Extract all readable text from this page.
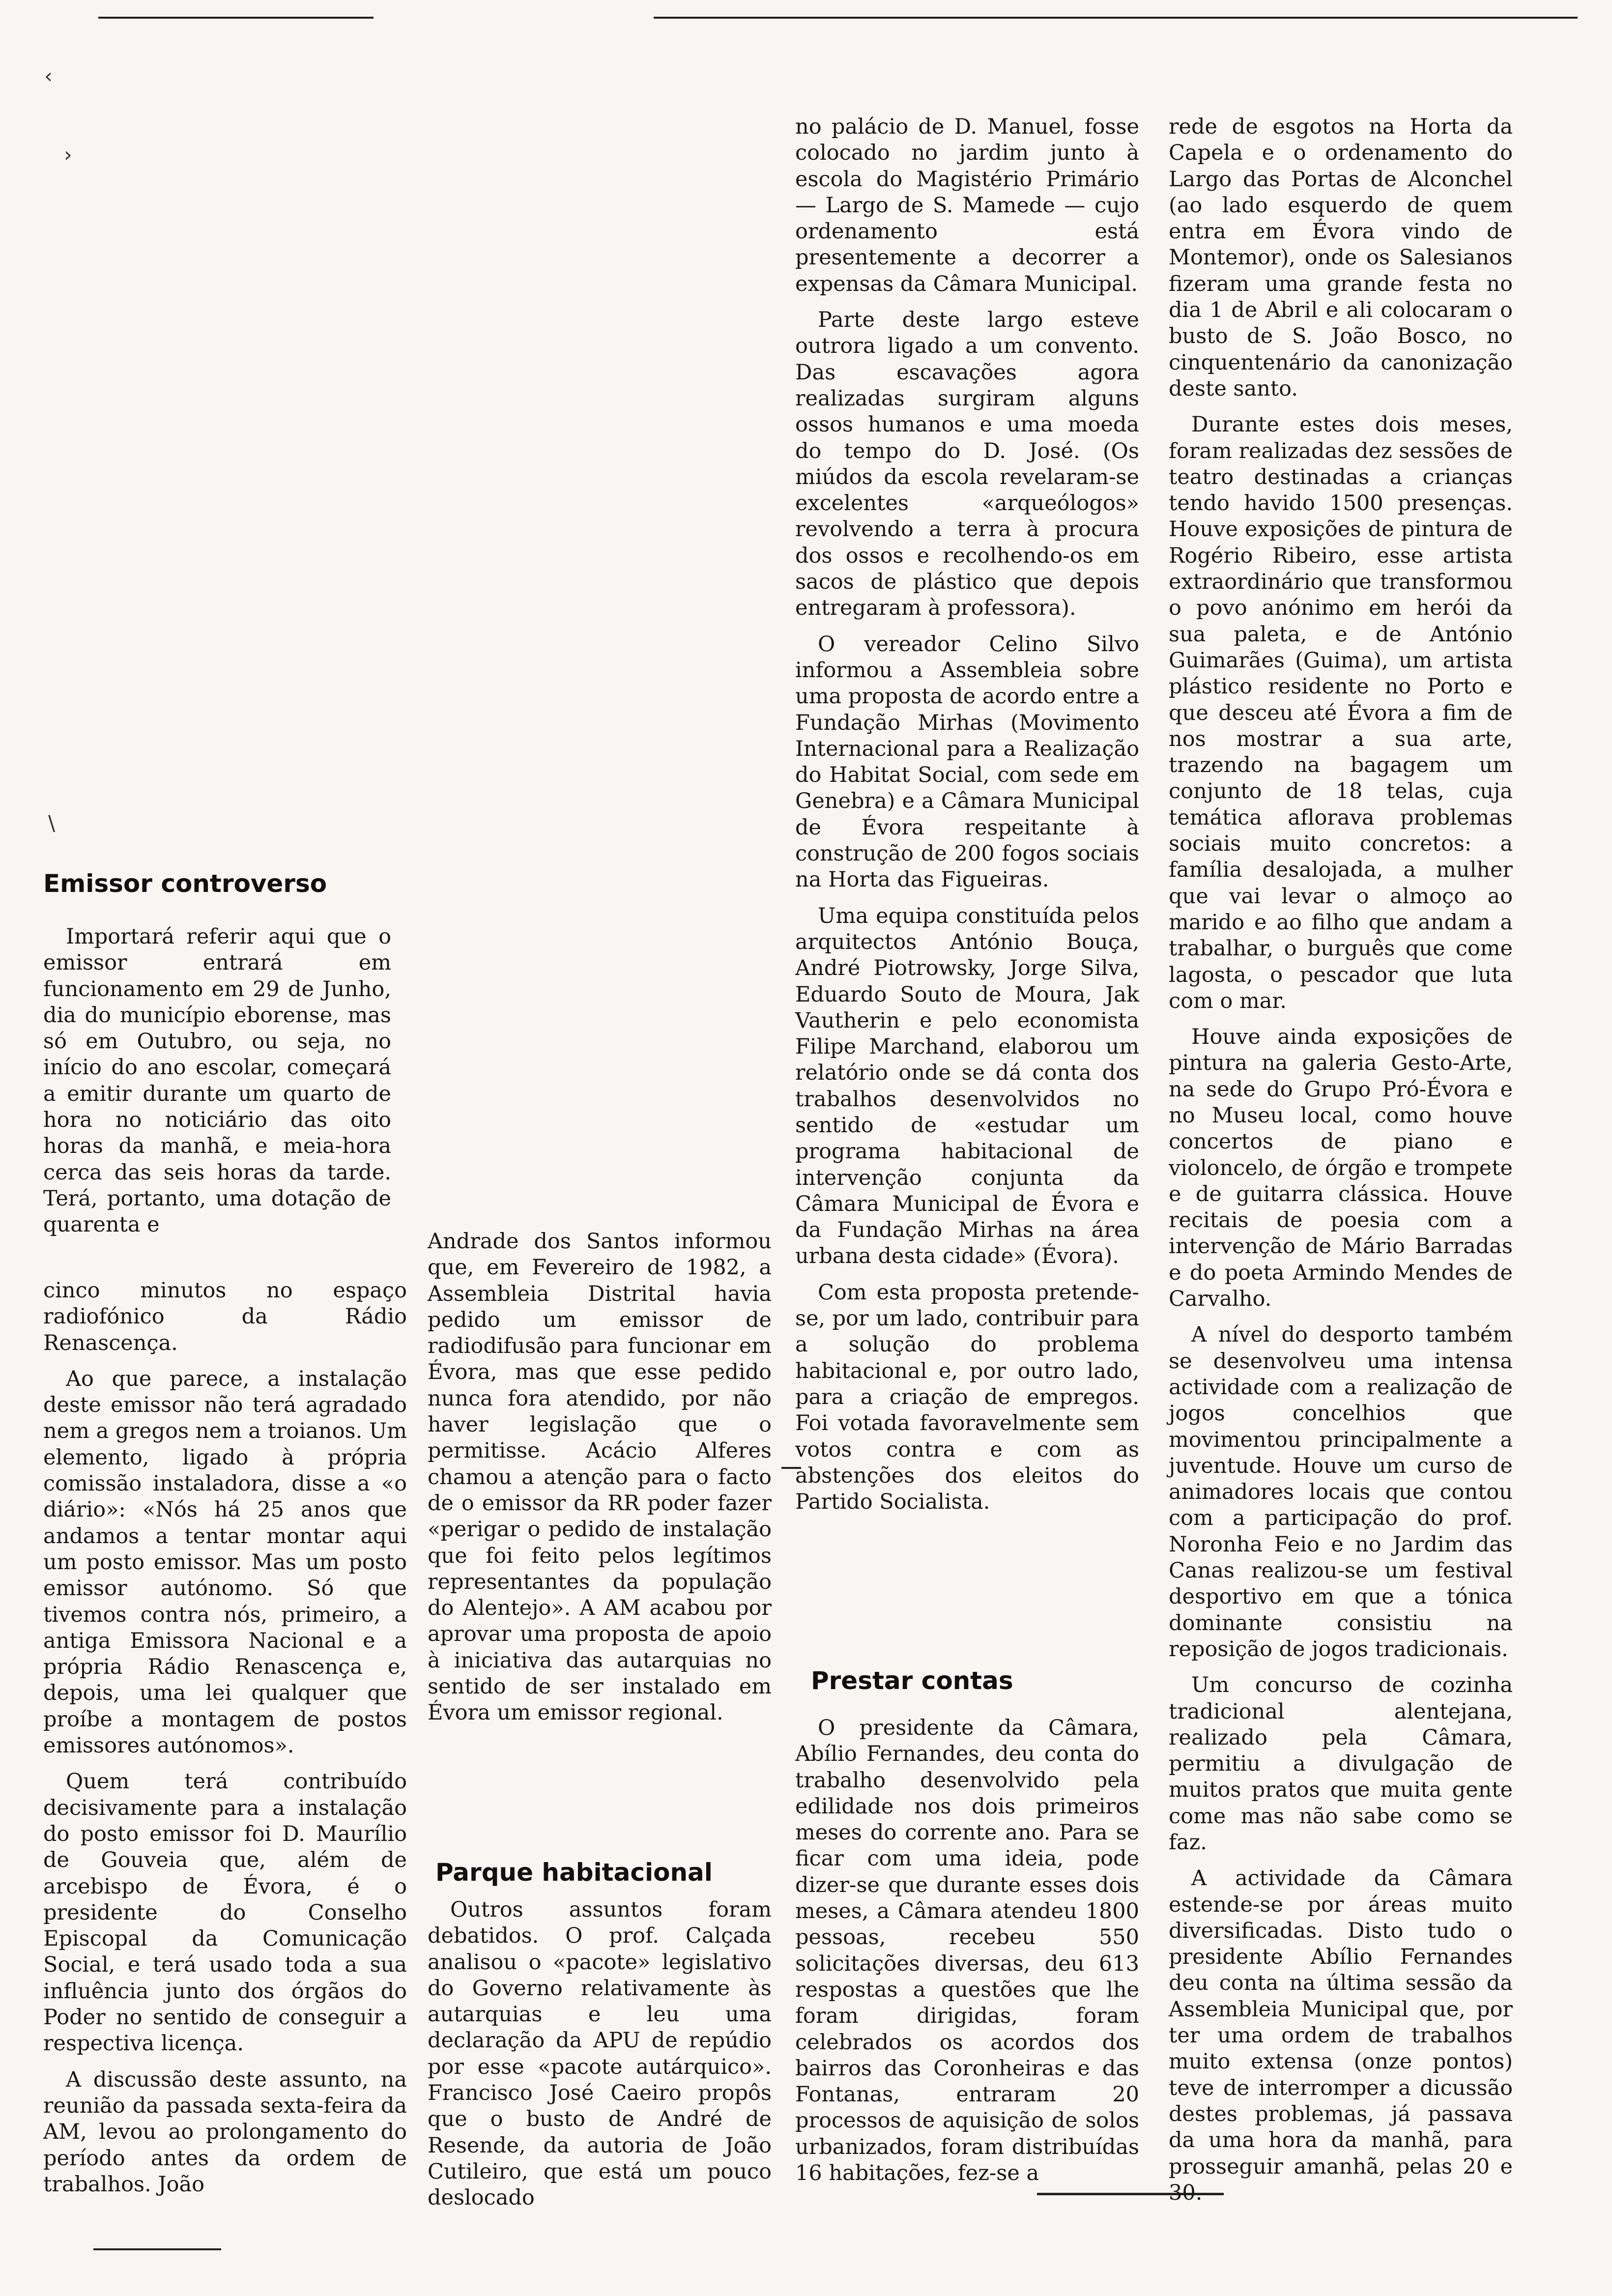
‹
›
\
Emissor controverso

Importará referir aqui que o emissor entrará em funcionamento em 29 de Junho, dia do município eborense, mas só em Outubro, ou seja, no início do ano escolar, começará a emitir durante um quarto de hora no noticiário das oito horas da manhã, e meia-hora cerca das seis horas da tarde. Terá, portanto, uma dotação de quarenta e

cinco minutos no espaço radiofónico da Rádio Renascença.

Ao que parece, a instalação deste emissor não terá agradado nem a gregos nem a troianos. Um elemento, ligado à própria comissão instaladora, disse a «o diário»: «Nós há 25 anos que andamos a tentar montar aqui um posto emissor. Mas um posto emissor autónomo. Só que tivemos contra nós, primeiro, a antiga Emissora Nacional e a própria Rádio Renascença e, depois, uma lei qualquer que proíbe a montagem de postos emissores autónomos».

Quem terá contribuído decisivamente para a instalação do posto emissor foi D. Maurílio de Gouveia que, além de arcebispo de Évora, é o presidente do Conselho Episcopal da Comunicação Social, e terá usado toda a sua influência junto dos órgãos do Poder no sentido de conseguir a respectiva licença.

A discussão deste assunto, na reunião da passada sexta-feira da AM, levou ao prolongamento do período antes da ordem de trabalhos. João

Andrade dos Santos informou que, em Fevereiro de 1982, a Assembleia Distrital havia pedido um emissor de radiodifusão para funcionar em Évora, mas que esse pedido nunca fora atendido, por não haver legislação que o permitisse. Acácio Alferes chamou a atenção para o facto de o emissor da RR poder fazer «perigar o pedido de instalação que foi feito pelos legítimos representantes da população do Alentejo». A AM acabou por aprovar uma proposta de apoio à iniciativa das autarquias no sentido de ser instalado em Évora um emissor regional.

Parque habitacional

Outros assuntos foram debatidos. O prof. Calçada analisou o «pacote» legislativo do Governo relativamente às autarquias e leu uma declaração da APU de repúdio por esse «pacote autárquico». Francisco José Caeiro propôs que o busto de André de Resende, da autoria de João Cutileiro, que está um pouco deslocado

no palácio de D. Manuel, fosse colocado no jardim junto à escola do Magistério Primário — Largo de S. Mamede — cujo ordenamento está presentemente a decorrer a expensas da Câmara Municipal.

Parte deste largo esteve outrora ligado a um convento. Das escavações agora realizadas surgiram alguns ossos humanos e uma moeda do tempo do D. José. (Os miúdos da escola revelaram-se excelentes «arqueólogos» revolvendo a terra à procura dos ossos e recolhendo-os em sacos de plástico que depois entregaram à professora).

O vereador Celino Silvo informou a Assembleia sobre uma proposta de acordo entre a Fundação Mirhas (Movimento Internacional para a Realização do Habitat Social, com sede em Genebra) e a Câmara Municipal de Évora respeitante à construção de 200 fogos sociais na Horta das Figueiras.

Uma equipa constituída pelos arquitectos António Bouça, André Piotrowsky, Jorge Silva, Eduardo Souto de Moura, Jak Vautherin e pelo economista Filipe Marchand, elaborou um relatório onde se dá conta dos trabalhos desenvolvidos no sentido de «estudar um programa habitacional de intervenção conjunta da Câmara Municipal de Évora e da Fundação Mirhas na área urbana desta cidade» (Évora).

Com esta proposta pretende-se, por um lado, contribuir para a solução do problema habitacional e, por outro lado, para a criação de empregos. Foi votada favoravelmente sem votos contra e com as abstenções dos eleitos do Partido Socialista.

Prestar contas

O presidente da Câmara, Abílio Fernandes, deu conta do trabalho desenvolvido pela edilidade nos dois primeiros meses do corrente ano. Para se ficar com uma ideia, pode dizer-se que durante esses dois meses, a Câmara atendeu 1800 pessoas, recebeu 550 solicitações diversas, deu 613 respostas a questões que lhe foram dirigidas, foram celebrados os acordos dos bairros das Coronheiras e das Fontanas, entraram 20 processos de aquisição de solos urbanizados, foram distribuídas 16 habitações, fez-se a

rede de esgotos na Horta da Capela e o ordenamento do Largo das Portas de Alconchel (ao lado esquerdo de quem entra em Évora vindo de Montemor), onde os Salesianos fizeram uma grande festa no dia 1 de Abril e ali colocaram o busto de S. João Bosco, no cinquentenário da canonização deste santo.

Durante estes dois meses, foram realizadas dez sessões de teatro destinadas a crianças tendo havido 1500 presenças. Houve exposições de pintura de Rogério Ribeiro, esse artista extraordinário que transformou o povo anónimo em herói da sua paleta, e de António Guimarães (Guima), um artista plástico residente no Porto e que desceu até Évora a fim de nos mostrar a sua arte, trazendo na bagagem um conjunto de 18 telas, cuja temática aflorava problemas sociais muito concretos: a família desalojada, a mulher que vai levar o almoço ao marido e ao filho que andam a trabalhar, o burguês que come lagosta, o pescador que luta com o mar.

Houve ainda exposições de pintura na galeria Gesto-Arte, na sede do Grupo Pró-Évora e no Museu local, como houve concertos de piano e violoncelo, de órgão e trompete e de guitarra clássica. Houve recitais de poesia com a intervenção de Mário Barradas e do poeta Armindo Mendes de Carvalho.

A nível do desporto também se desenvolveu uma intensa actividade com a realização de jogos concelhios que movimentou principalmente a juventude. Houve um curso de animadores locais que contou com a participação do prof. Noronha Feio e no Jardim das Canas realizou-se um festival desportivo em que a tónica dominante consistiu na reposição de jogos tradicionais.

Um concurso de cozinha tradicional alentejana, realizado pela Câmara, permitiu a divulgação de muitos pratos que muita gente come mas não sabe como se faz.

A actividade da Câmara estende-se por áreas muito diversificadas. Disto tudo o presidente Abílio Fernandes deu conta na última sessão da Assembleia Municipal que, por ter uma ordem de trabalhos muito extensa (onze pontos) teve de interromper a dicussão destes problemas, já passava da uma hora da manhã, para prosseguir amanhã, pelas 20 e 30.
